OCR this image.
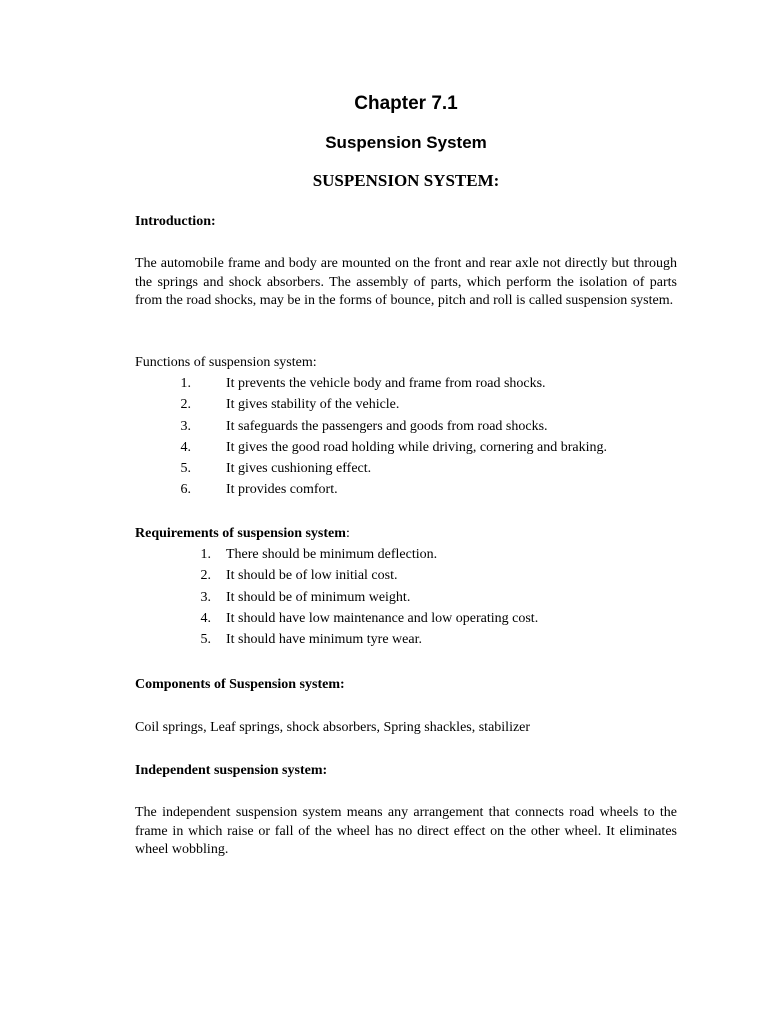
Chapter 7.1
Suspension System
SUSPENSION SYSTEM:

Introduction:

The automobile frame and body are mounted on the front and rear axle not directly but through the springs and shock absorbers. The assembly of parts, which perform the isolation of parts from the road shocks, may be in the forms of bounce, pitch and roll is called suspension system.

Functions of suspension system:

1.	It prevents the vehicle body and frame from road shocks.
2.	It gives stability of the vehicle.
3.	It safeguards the passengers and goods from road shocks.
4.	It gives the good road holding while driving, cornering and braking.
5.	It gives cushioning effect.
6.	It provides comfort.

Requirements of suspension system:

1. There should be minimum deflection.
2. It should be of low initial cost.
3. It should be of minimum weight.
4. It should have low maintenance and low operating cost.
5. It should have minimum tyre wear.

Components of Suspension system:

Coil springs, Leaf springs, shock absorbers, Spring shackles, stabilizer

Independent suspension system:

The independent suspension system means any arrangement that connects road wheels to the frame in which raise or fall of the wheel has no direct effect on the other wheel. It eliminates wheel wobbling.
